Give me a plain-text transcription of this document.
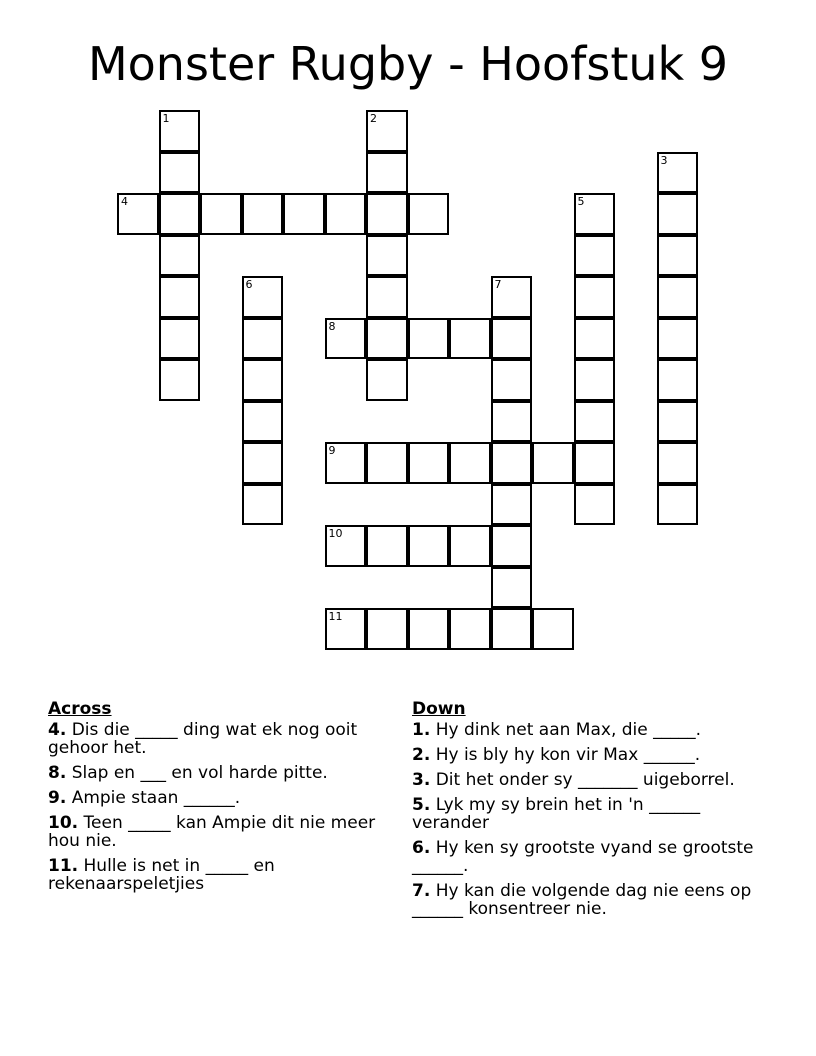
Monster Rugby - Hoofstuk 9
1	2
3
4	5
6	7
8
9
10
11
Across
4. Dis die _____ ding wat ek nog ooit gehoor het.
8. Slap en ___ en vol harde pitte.
9. Ampie staan ______.
10. Teen _____ kan Ampie dit nie meer hou nie.
11. Hulle is net in _____ en rekenaarspeletjies
Down
1. Hy dink net aan Max, die _____.
2. Hy is bly hy kon vir Max ______.
3. Dit het onder sy _______ uigeborrel.
5. Lyk my sy brein het in 'n ______ verander
6. Hy ken sy grootste vyand se grootste ______.
7. Hy kan die volgende dag nie eens op ______ konsentreer nie.
